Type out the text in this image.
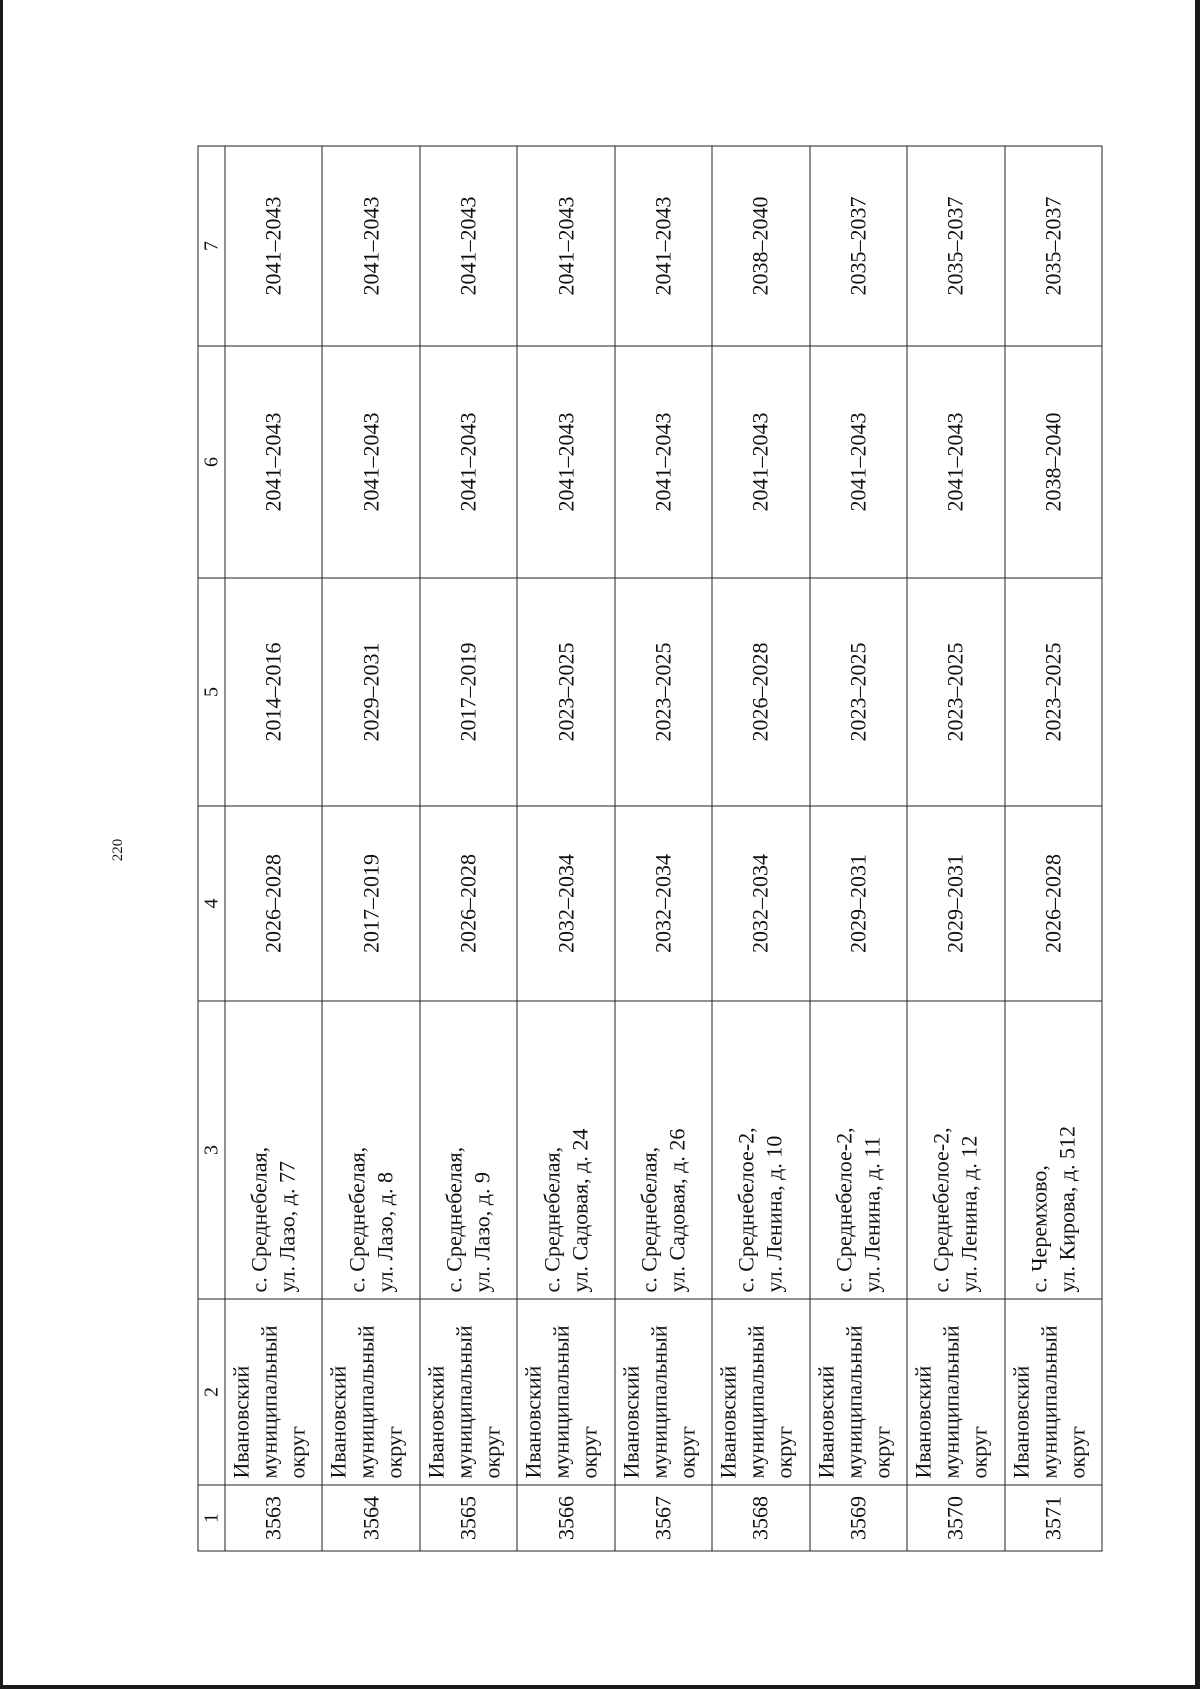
220
1	2	3	4	5	6	7
3563	Ивановский муниципальный округ	с. Среднебелая, ул. Лазо, д. 77	2026–2028	2014–2016	2041–2043	2041–2043
3564	Ивановский муниципальный округ	с. Среднебелая, ул. Лазо, д. 8	2017–2019	2029–2031	2041–2043	2041–2043
3565	Ивановский муниципальный округ	с. Среднебелая, ул. Лазо, д. 9	2026–2028	2017–2019	2041–2043	2041–2043
3566	Ивановский муниципальный округ	с. Среднебелая, ул. Садовая, д. 24	2032–2034	2023–2025	2041–2043	2041–2043
3567	Ивановский муниципальный округ	с. Среднебелая, ул. Садовая, д. 26	2032–2034	2023–2025	2041–2043	2041–2043
3568	Ивановский муниципальный округ	с. Среднебелое-2, ул. Ленина, д. 10	2032–2034	2026–2028	2041–2043	2038–2040
3569	Ивановский муниципальный округ	с. Среднебелое-2, ул. Ленина, д. 11	2029–2031	2023–2025	2041–2043	2035–2037
3570	Ивановский муниципальный округ	с. Среднебелое-2, ул. Ленина, д. 12	2029–2031	2023–2025	2041–2043	2035–2037
3571	Ивановский муниципальный округ	с. Черемхово, ул. Кирова, д. 512	2026–2028	2023–2025	2038–2040	2035–2037
